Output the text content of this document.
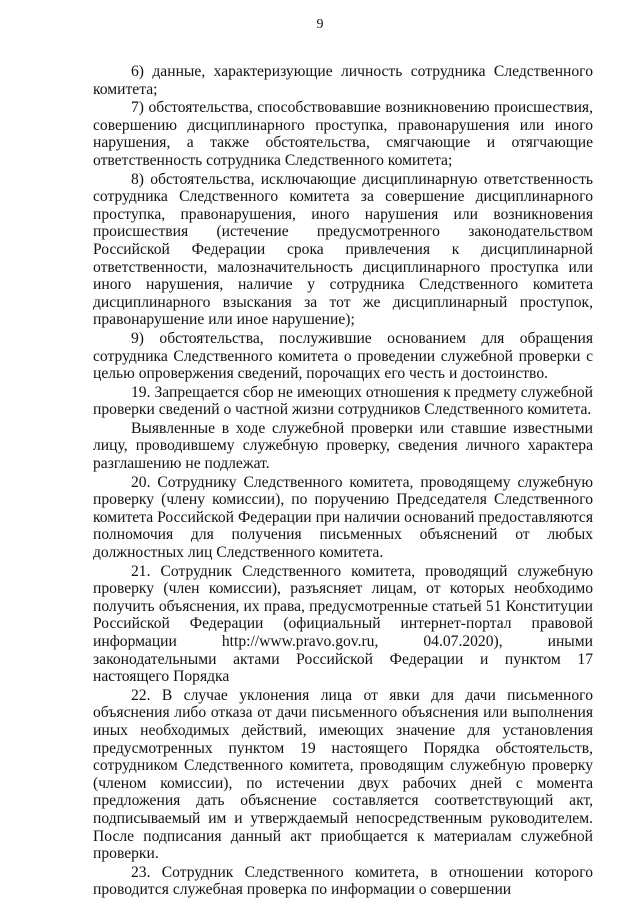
9

6) данные, характеризующие личность сотрудника Следственного комитета;

7) обстоятельства, способствовавшие возникновению происшествия, совершению дисциплинарного проступка, правонарушения или иного нарушения, а также обстоятельства, смягчающие и отягчающие ответственность сотрудника Следственного комитета;

8) обстоятельства, исключающие дисциплинарную ответственность сотрудника Следственного комитета за совершение дисциплинарного проступка, правонарушения, иного нарушения или возникновения происшествия (истечение предусмотренного законодательством Российской Федерации срока привлечения к дисциплинарной ответственности, малозначительность дисциплинарного проступка или иного нарушения, наличие у сотрудника Следственного комитета дисциплинарного взыскания за тот же дисциплинарный проступок, правонарушение или иное нарушение);

9) обстоятельства, послужившие основанием для обращения сотрудника Следственного комитета о проведении служебной проверки с целью опровержения сведений, порочащих его честь и достоинство.

19. Запрещается сбор не имеющих отношения к предмету служебной проверки сведений о частной жизни сотрудников Следственного комитета.

Выявленные в ходе служебной проверки или ставшие известными лицу, проводившему служебную проверку, сведения личного характера разглашению не подлежат.

20. Сотруднику Следственного комитета, проводящему служебную проверку (члену комиссии), по поручению Председателя Следственного комитета Российской Федерации при наличии оснований предоставляются полномочия для получения письменных объяснений от любых должностных лиц Следственного комитета.

21. Сотрудник Следственного комитета, проводящий служебную проверку (член комиссии), разъясняет лицам, от которых необходимо получить объяснения, их права, предусмотренные статьей 51 Конституции Российской Федерации (официальный интернет-портал правовой информации http://www.pravo.gov.ru, 04.07.2020), иными законодательными актами Российской Федерации и пунктом 17 настоящего Порядка

22. В случае уклонения лица от явки для дачи письменного объяснения либо отказа от дачи письменного объяснения или выполнения иных необходимых действий, имеющих значение для установления предусмотренных пунктом 19 настоящего Порядка обстоятельств, сотрудником Следственного комитета, проводящим служебную проверку (членом комиссии), по истечении двух рабочих дней с момента предложения дать объяснение составляется соответствующий акт, подписываемый им и утверждаемый непосредственным руководителем. После подписания данный акт приобщается к материалам служебной проверки.

23. Сотрудник Следственного комитета, в отношении которого проводится служебная проверка по информации о совершении
